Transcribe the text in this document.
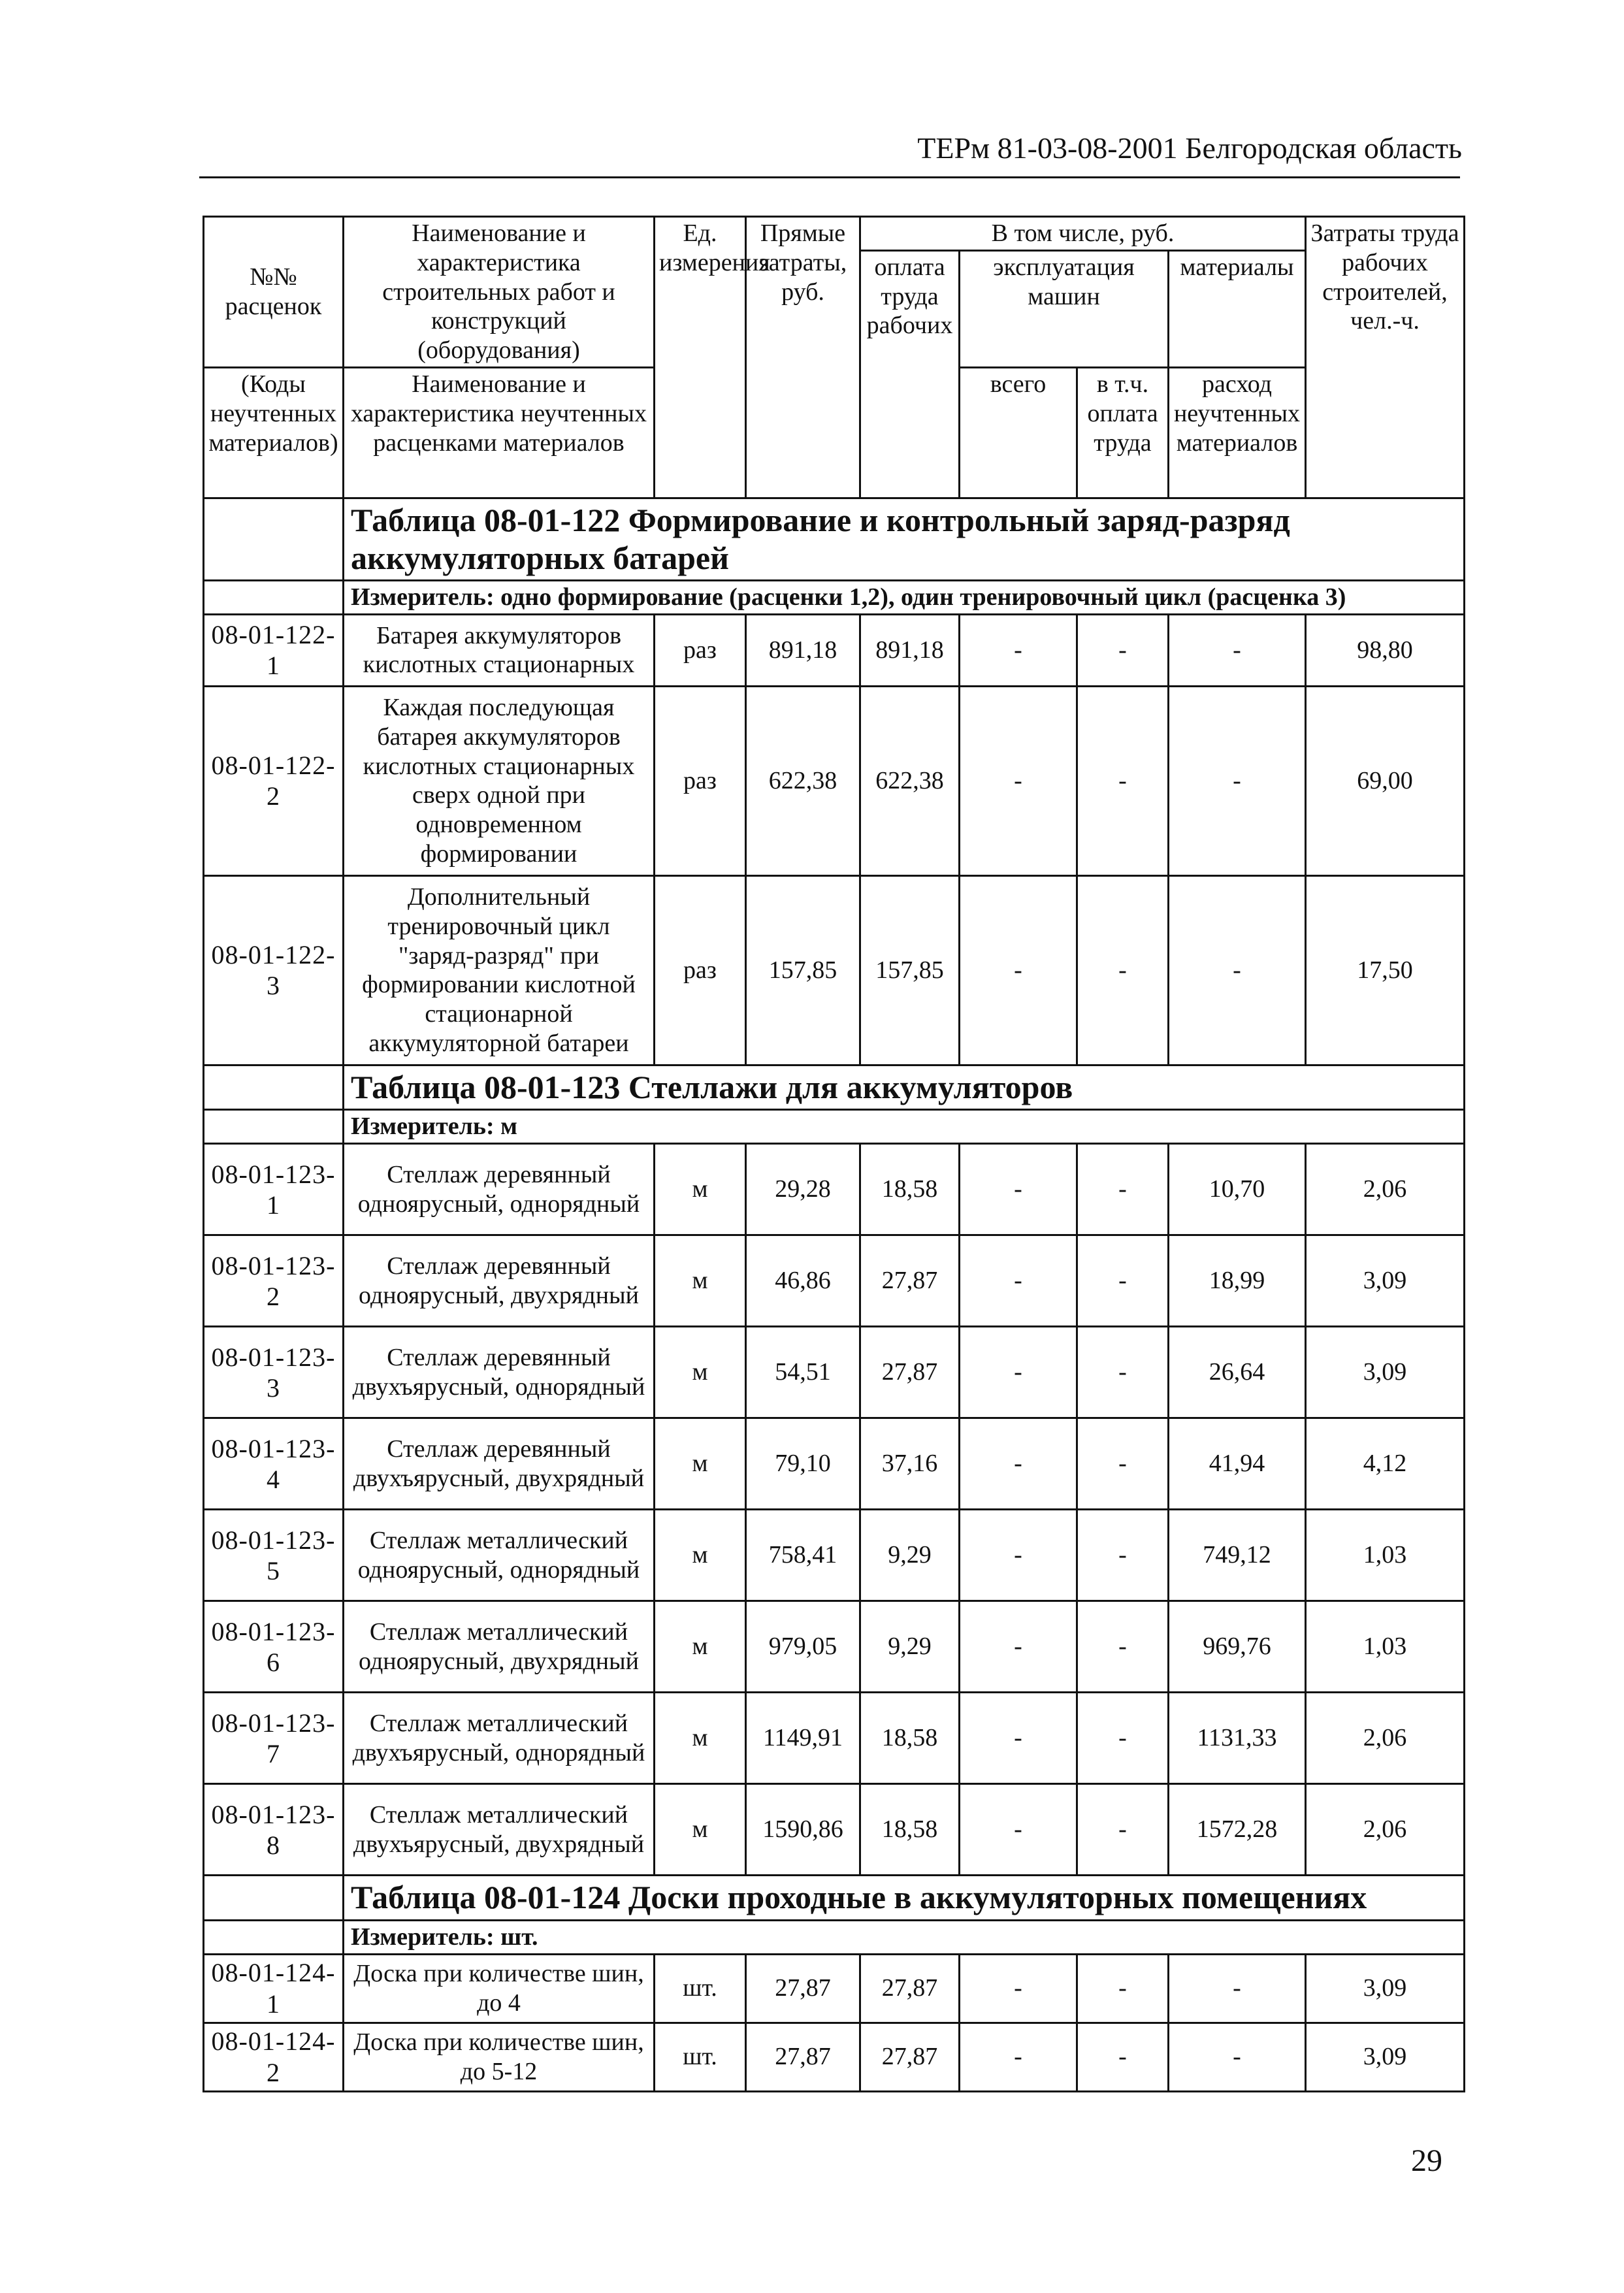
ТЕРм 81-03-08-2001 Белгородская область
№№ расценок	Наименование и характеристика строительных работ и конструкций (оборудования)	Ед. измерения	Прямые затраты, руб.	В том числе, руб.				Затраты труда рабочих строителей, чел.-ч.
				оплата труда рабочих	эксплуатация машин		материалы	
(Коды неучтенных материалов)	Наименование и характеристика неучтенных расценками материалов				всего	в т.ч. оплата труда	расход неучтенных материалов	
	Таблица 08-01-122 Формирование и контрольный заряд-разряд аккумуляторных батарей							
	Измеритель: одно формирование (расценки 1,2), один тренировочный цикл (расценка 3)							
08-01-122-1	Батарея аккумуляторов кислотных стационарных	раз	891,18	891,18	-	-	-	98,80
08-01-122-2	Каждая последующая батарея аккумуляторов кислотных стационарных сверх одной при одновременном формировании	раз	622,38	622,38	-	-	-	69,00
08-01-122-3	Дополнительный тренировочный цикл "заряд-разряд" при формировании кислотной стационарной аккумуляторной батареи	раз	157,85	157,85	-	-	-	17,50
	Таблица 08-01-123 Стеллажи для аккумуляторов							
	Измеритель: м							
08-01-123-1	Стеллаж деревянный одноярусный, однорядный	м	29,28	18,58	-	-	10,70	2,06
08-01-123-2	Стеллаж деревянный одноярусный, двухрядный	м	46,86	27,87	-	-	18,99	3,09
08-01-123-3	Стеллаж деревянный двухъярусный, однорядный	м	54,51	27,87	-	-	26,64	3,09
08-01-123-4	Стеллаж деревянный двухъярусный, двухрядный	м	79,10	37,16	-	-	41,94	4,12
08-01-123-5	Стеллаж металлический одноярусный, однорядный	м	758,41	9,29	-	-	749,12	1,03
08-01-123-6	Стеллаж металлический одноярусный, двухрядный	м	979,05	9,29	-	-	969,76	1,03
08-01-123-7	Стеллаж металлический двухъярусный, однорядный	м	1149,91	18,58	-	-	1131,33	2,06
08-01-123-8	Стеллаж металлический двухъярусный, двухрядный	м	1590,86	18,58	-	-	1572,28	2,06
	Таблица 08-01-124 Доски проходные в аккумуляторных помещениях							
	Измеритель: шт.							
08-01-124-1	Доска при количестве шин, до 4	шт.	27,87	27,87	-	-	-	3,09
08-01-124-2	Доска при количестве шин, до 5-12	шт.	27,87	27,87	-	-	-	3,09
29
